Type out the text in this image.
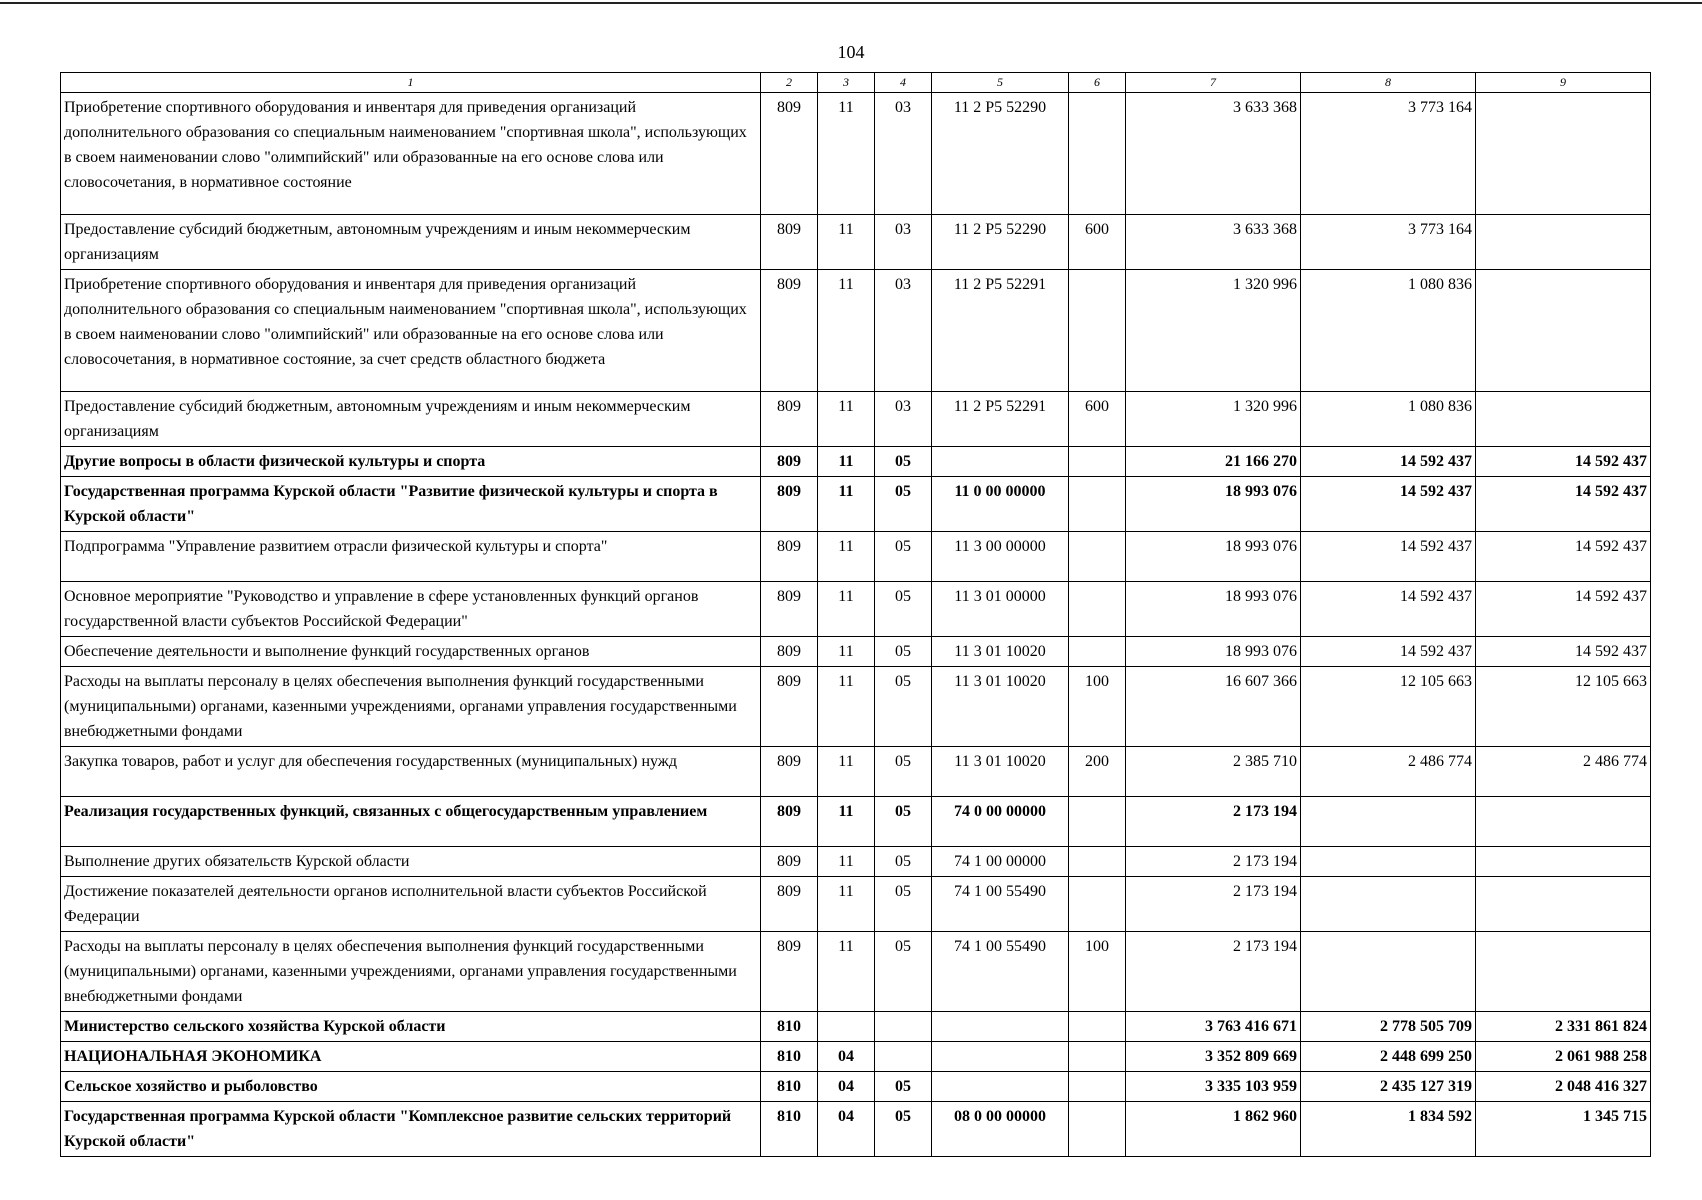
104
1	2	3	4	5	6	7	8	9
Приобретение спортивного оборудования и инвентаря для приведения организаций дополнительного образования со специальным наименованием "спортивная школа", использующих в своем наименовании слово "олимпийский" или образованные на его основе слова или словосочетания, в нормативное состояние	809	11	03	11 2 Р5 52290		3 633 368	3 773 164	
Предоставление субсидий бюджетным, автономным учреждениям и иным некоммерческим организациям	809	11	03	11 2 Р5 52290	600	3 633 368	3 773 164	
Приобретение спортивного оборудования и инвентаря для приведения организаций дополнительного образования со специальным наименованием "спортивная школа", использующих в своем наименовании слово "олимпийский" или образованные на его основе слова или словосочетания, в нормативное состояние, за счет средств областного бюджета	809	11	03	11 2 Р5 52291		1 320 996	1 080 836	
Предоставление субсидий бюджетным, автономным учреждениям и иным некоммерческим организациям	809	11	03	11 2 Р5 52291	600	1 320 996	1 080 836	
Другие вопросы в области физической культуры и спорта	809	11	05			21 166 270	14 592 437	14 592 437
Государственная программа Курской области "Развитие физической культуры и спорта в Курской области"	809	11	05	11 0 00 00000		18 993 076	14 592 437	14 592 437
Подпрограмма "Управление развитием отрасли физической культуры и спорта"	809	11	05	11 3 00 00000		18 993 076	14 592 437	14 592 437
Основное мероприятие "Руководство и управление в сфере установленных функций органов государственной власти субъектов Российской Федерации"	809	11	05	11 3 01 00000		18 993 076	14 592 437	14 592 437
Обеспечение деятельности и выполнение функций государственных органов	809	11	05	11 3 01 10020		18 993 076	14 592 437	14 592 437
Расходы на выплаты персоналу в целях обеспечения выполнения функций государственными (муниципальными) органами, казенными учреждениями, органами управления государственными внебюджетными фондами	809	11	05	11 3 01 10020	100	16 607 366	12 105 663	12 105 663
Закупка товаров, работ и услуг для обеспечения государственных (муниципальных) нужд	809	11	05	11 3 01 10020	200	2 385 710	2 486 774	2 486 774
Реализация государственных функций, связанных с общегосударственным управлением	809	11	05	74 0 00 00000		2 173 194		
Выполнение других обязательств Курской области	809	11	05	74 1 00 00000		2 173 194		
Достижение показателей деятельности органов исполнительной власти субъектов Российской Федерации	809	11	05	74 1 00 55490		2 173 194		
Расходы на выплаты персоналу в целях обеспечения выполнения функций государственными (муниципальными) органами, казенными учреждениями, органами управления государственными внебюджетными фондами	809	11	05	74 1 00 55490	100	2 173 194		
Министерство сельского хозяйства Курской области	810					3 763 416 671	2 778 505 709	2 331 861 824
НАЦИОНАЛЬНАЯ ЭКОНОМИКА	810	04				3 352 809 669	2 448 699 250	2 061 988 258
Сельское хозяйство и рыболовство	810	04	05			3 335 103 959	2 435 127 319	2 048 416 327
Государственная программа Курской области "Комплексное развитие сельских территорий Курской области"	810	04	05	08 0 00 00000		1 862 960	1 834 592	1 345 715
